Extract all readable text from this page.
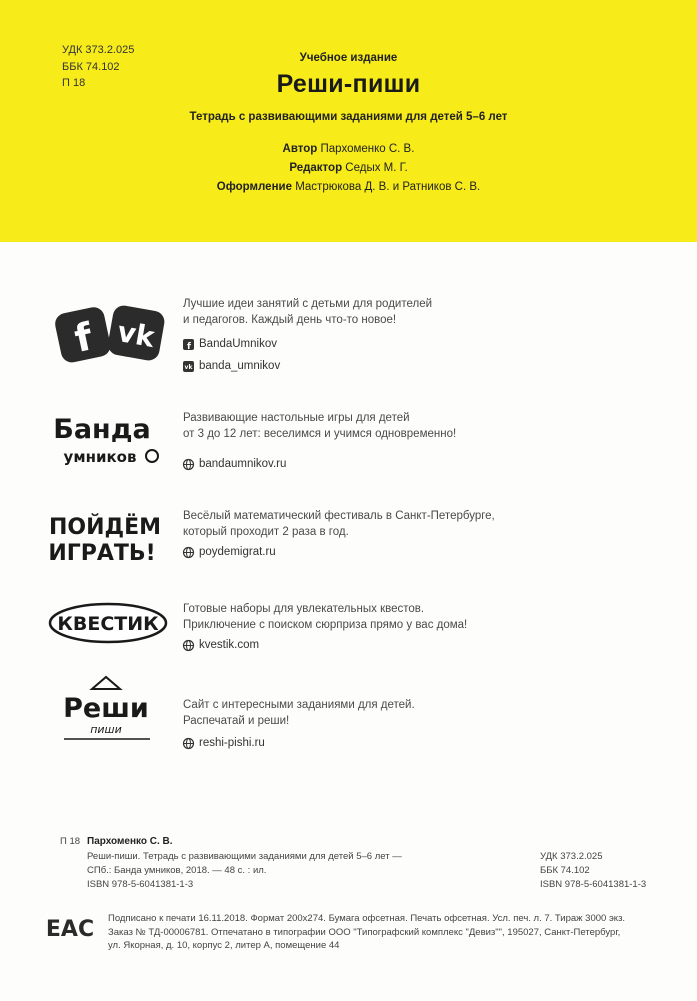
УДК 373.2.025
ББК 74.102
П 18
Учебное издание
Реши-пиши
Тетрадь с развивающими заданиями для детей 5–6 лет
Автор Пархоменко С. В.
Редактор Седых М. Г.
Оформление Мастрюкова Д. В. и Ратников С. В.
f vk
Лучшие идеи занятий с детьми для родителей
и педагогов. Каждый день что-то новое!
f BandaUmnikov
vk banda_umnikov
Банда
умников
Развивающие настольные игры для детей
от 3 до 12 лет: веселимся и учимся одновременно!
bandaumnikov.ru
ПОЙДЁМ
ИГРАТЬ!
Весёлый математический фестиваль в Санкт-Петербурге,
который проходит 2 раза в год.
poydemigrat.ru
КВЕСТИК
Готовые наборы для увлекательных квестов.
Приключение с поиском сюрприза прямо у вас дома!
kvestik.com
Реши
пиши
Сайт с интересными заданиями для детей.
Распечатай и реши!
reshi-pishi.ru
П 18 Пархоменко С. В.
Реши-пиши. Тетрадь с развивающими заданиями для детей 5–6 лет —
СПб.: Банда умников, 2018. — 48 с. : ил.
ISBN 978-5-6041381-1-3
УДК 373.2.025
ББК 74.102
ISBN 978-5-6041381-1-3
EAC Подписано к печати 16.11.2018. Формат 200х274. Бумага офсетная. Печать офсетная. Усл. печ. л. 7. Тираж 3000 экз.
Заказ № ТД-00006781. Отпечатано в типографии ООО "Типографский комплекс "Девиз"", 195027, Санкт-Петербург,
ул. Якорная, д. 10, корпус 2, литер А, помещение 44
